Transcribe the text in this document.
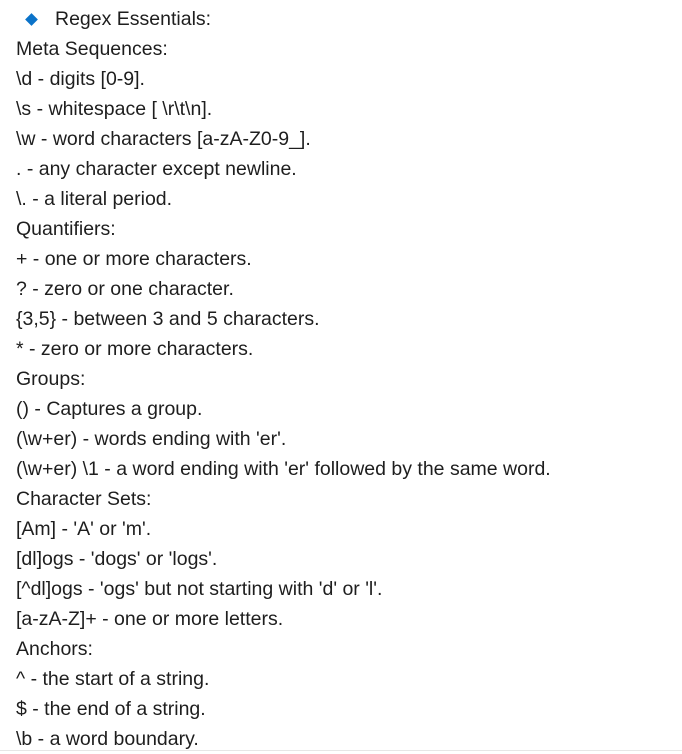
Regex Essentials:
Meta Sequences:
\d - digits [0-9].
\s - whitespace [ \r\t\n].
\w - word characters [a-zA-Z0-9_].
. - any character except newline.
\. - a literal period.
Quantifiers:
+ - one or more characters.
? - zero or one character.
{3,5} - between 3 and 5 characters.
* - zero or more characters.
Groups:
() - Captures a group.
(\w+er) - words ending with 'er'.
(\w+er) \1 - a word ending with 'er' followed by the same word.
Character Sets:
[Am] - 'A' or 'm'.
[dl]ogs - 'dogs' or 'logs'.
[^dl]ogs - 'ogs' but not starting with 'd' or 'l'.
[a-zA-Z]+ - one or more letters.
Anchors:
^ - the start of a string.
$ - the end of a string.
\b - a word boundary.
